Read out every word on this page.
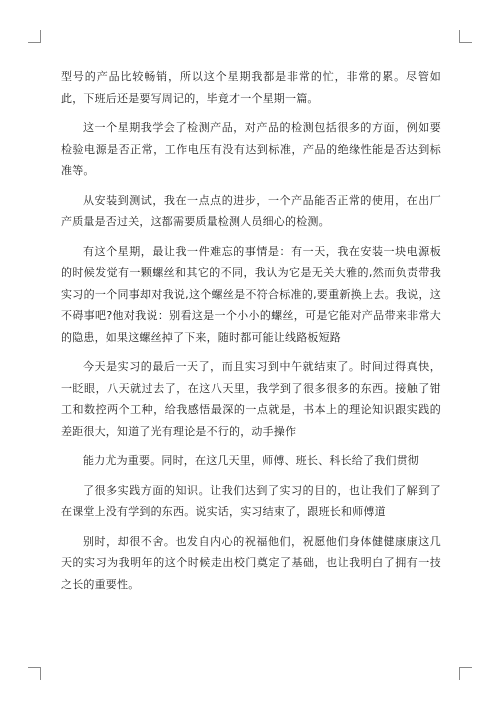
型号的产品比较畅销，所以这个星期我都是非常的忙，非常的累。尽管如此，下班后还是要写周记的，毕竟才一个星期一篇。

这一个星期我学会了检测产品，对产品的检测包括很多的方面，例如要检验电源是否正常，工作电压有没有达到标准，产品的绝缘性能是否达到标准等。

从安装到测试，我在一点点的进步，一个产品能否正常的使用，在出厂产质量是否过关，这都需要质量检测人员细心的检测。

有这个星期，最让我一件难忘的事情是：有一天，我在安装一块电源板的时候发觉有一颗螺丝和其它的不同，我认为它是无关大雅的,然而负责带我实习的一个同事却对我说,这个螺丝是不符合标准的,要重新换上去。我说，这不碍事吧?他对我说：别看这是一个小小的螺丝，可是它能对产品带来非常大的隐患，如果这螺丝掉了下来，随时都可能让线路板短路

今天是实习的最后一天了，而且实习到中午就结束了。时间过得真快，一眨眼，八天就过去了，在这八天里，我学到了很多很多的东西。接触了钳工和数控两个工种，给我感悟最深的一点就是，书本上的理论知识跟实践的差距很大，知道了光有理论是不行的，动手操作

能力尤为重要。同时，在这几天里，师傅、班长、科长给了我们贯彻

了很多实践方面的知识。让我们达到了实习的目的，也让我们了解到了在课堂上没有学到的东西。说实话，实习结束了，跟班长和师傅道

别时，却很不舍。也发自内心的祝福他们，祝愿他们身体健健康康这几天的实习为我明年的这个时候走出校门奠定了基础，也让我明白了拥有一技之长的重要性。
